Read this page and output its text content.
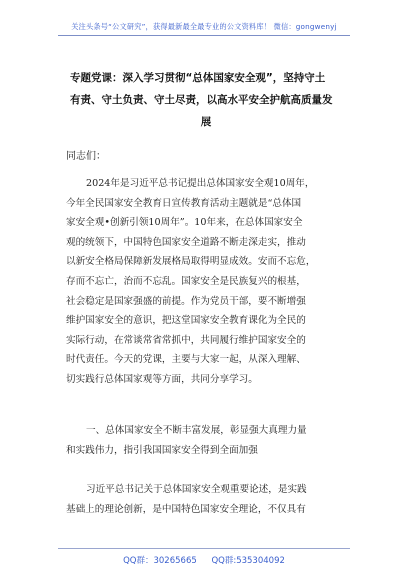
关注头条号“公文研究”，获得最新最全最专业的公文资料库！ 微信：gongwenyj
专题党课：深入学习贯彻“总体国家安全观”，坚持守土
有责、守土负责、守土尽责，以高水平安全护航高质量发
展
同志们：
2024年是习近平总书记提出总体国家安全观10周年，
今年全民国家安全教育日宣传教育活动主题就是“总体国
家安全观•创新引领10周年”。10年来，在总体国家安全
观的统领下，中国特色国家安全道路不断走深走实，推动
以新安全格局保障新发展格局取得明显成效。安而不忘危，
存而不忘亡，治而不忘乱。国家安全是民族复兴的根基，
社会稳定是国家强盛的前提。作为党员干部，要不断增强
维护国家安全的意识，把这堂国家安全教育课化为全民的
实际行动，在常谈常省常抓中，共同履行维护国家安全的
时代责任。今天的党课，主要与大家一起，从深入理解、
切实践行总体国家观等方面，共同分享学习。
一、总体国家安全不断丰富发展，彰显强大真理力量
和实践伟力，指引我国国家安全得到全面加强
习近平总书记关于总体国家安全观重要论述，是实践
基础上的理论创新，是中国特色国家安全理论，不仅具有
QQ群：30265665 QQ群:535304092
